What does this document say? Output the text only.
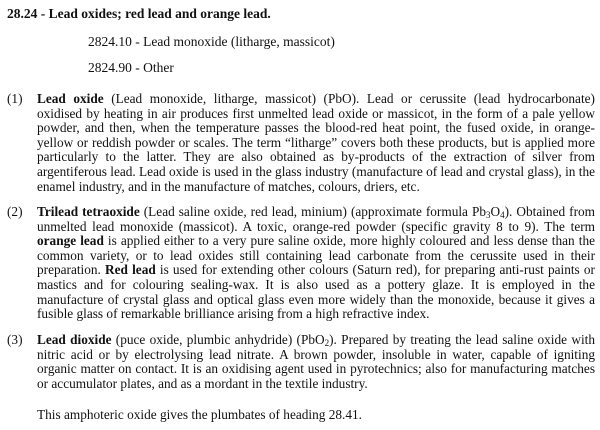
28.24 - Lead oxides; red lead and orange lead.
2824.10 - Lead monoxide (litharge, massicot)
2824.90 - Other
(1) Lead oxide (Lead monoxide, litharge, massicot) (PbO). Lead or cerussite (lead hydrocarbonate) oxidised by heating in air produces first unmelted lead oxide or massicot, in the form of a pale yellow powder, and then, when the temperature passes the blood-red heat point, the fused oxide, in orange-yellow or reddish powder or scales. The term “litharge” covers both these products, but is applied more particularly to the latter. They are also obtained as by-products of the extraction of silver from argentiferous lead. Lead oxide is used in the glass industry (manufacture of lead and crystal glass), in the enamel industry, and in the manufacture of matches, colours, driers, etc.
(2) Trilead tetraoxide (Lead saline oxide, red lead, minium) (approximate formula $Pb_3O_4$). Obtained from unmelted lead monoxide (massicot). A toxic, orange-red powder (specific gravity 8 to 9). The term orange lead is applied either to a very pure saline oxide, more highly coloured and less dense than the common variety, or to lead oxides still containing lead carbonate from the cerussite used in their preparation. Red lead is used for extending other colours (Saturn red), for preparing anti-rust paints or mastics and for colouring sealing-wax. It is also used as a pottery glaze. It is employed in the manufacture of crystal glass and optical glass even more widely than the monoxide, because it gives a fusible glass of remarkable brilliance arising from a high refractive index.
(3) Lead dioxide (puce oxide, plumbic anhydride) (PbO$_2$). Prepared by treating the lead saline oxide with nitric acid or by electrolysing lead nitrate. A brown powder, insoluble in water, capable of igniting organic matter on contact. It is an oxidising agent used in pyrotechnics; also for manufacturing matches or accumulator plates, and as a mordant in the textile industry.
This amphoteric oxide gives the plumbates of heading 28.41.
